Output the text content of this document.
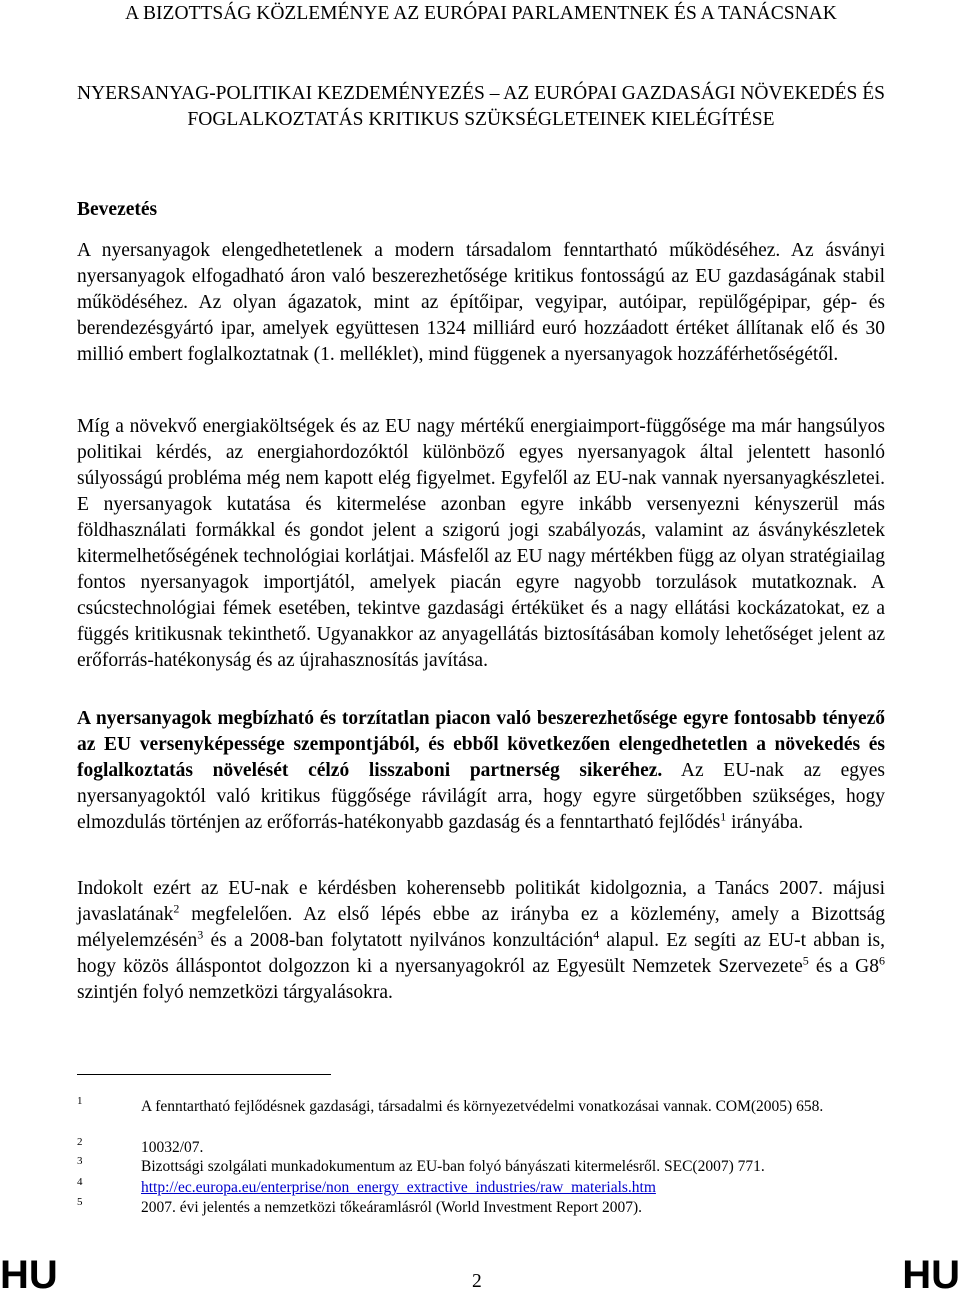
A BIZOTTSÁG KÖZLEMÉNYE AZ EURÓPAI PARLAMENTNEK ÉS A TANÁCSNAK
NYERSANYAG-POLITIKAI KEZDEMÉNYEZÉS – AZ EURÓPAI GAZDASÁGI NÖVEKEDÉS ÉS FOGLALKOZTATÁS KRITIKUS SZÜKSÉGLETEINEK KIELÉGÍTÉSE
Bevezetés

A nyersanyagok elengedhetetlenek a modern társadalom fenntartható működéséhez. Az ásványi nyersanyagok elfogadható áron való beszerezhetősége kritikus fontosságú az EU gazdaságának stabil működéséhez. Az olyan ágazatok, mint az építőipar, vegyipar, autóipar, repülőgépipar, gép- és berendezésgyártó ipar, amelyek együttesen 1324 milliárd euró hozzáadott értéket állítanak elő és 30 millió embert foglalkoztatnak (1. melléklet), mind függenek a nyersanyagok hozzáférhetőségétől.

Míg a növekvő energiaköltségek és az EU nagy mértékű energiaimport-függősége ma már hangsúlyos politikai kérdés, az energiahordozóktól különböző egyes nyersanyagok által jelentett hasonló súlyosságú probléma még nem kapott elég figyelmet. Egyfelől az EU-nak vannak nyersanyagkészletei. E nyersanyagok kutatása és kitermelése azonban egyre inkább versenyezni kényszerül más földhasználati formákkal és gondot jelent a szigorú jogi szabályozás, valamint az ásványkészletek kitermelhetőségének technológiai korlátjai. Másfelől az EU nagy mértékben függ az olyan stratégiailag fontos nyersanyagok importjától, amelyek piacán egyre nagyobb torzulások mutatkoznak. A csúcstechnológiai fémek esetében, tekintve gazdasági értéküket és a nagy ellátási kockázatokat, ez a függés kritikusnak tekinthető. Ugyanakkor az anyagellátás biztosításában komoly lehetőséget jelent az erőforrás-hatékonyság és az újrahasznosítás javítása.

A nyersanyagok megbízható és torzítatlan piacon való beszerezhetősége egyre fontosabb tényező az EU versenyképessége szempontjából, és ebből következően elengedhetetlen a növekedés és foglalkoztatás növelését célzó lisszaboni partnerség sikeréhez. Az EU-nak az egyes nyersanyagoktól való kritikus függősége rávilágít arra, hogy egyre sürgetőbben szükséges, hogy elmozdulás történjen az erőforrás-hatékonyabb gazdaság és a fenntartható fejlődés$^1$ irányába.

Indokolt ezért az EU-nak e kérdésben koherensebb politikát kidolgoznia, a Tanács 2007. májusi javaslatának$^2$ megfelelően. Az első lépés ebbe az irányba ez a közlemény, amely a Bizottság mélyelemzésén$^3$ és a 2008-ban folytatott nyilvános konzultáción$^4$ alapul. Ez segíti az EU-t abban is, hogy közös álláspontot dolgozzon ki a nyersanyagokról az Egyesült Nemzetek Szervezete$^5$ és a $G8^6$ szintjén folyó nemzetközi tárgyalásokra.

1	A fenntartható fejlődésnek gazdasági, társadalmi és környezetvédelmi vonatkozásai vannak. COM(2005) 658.
2	10032/07.
3	Bizottsági szolgálati munkadokumentum az EU-ban folyó bányászati kitermelésről. SEC(2007) 771.
4	http://ec.europa.eu/enterprise/non_energy_extractive_industries/raw_materials.htm
5	2007. évi jelentés a nemzetközi tőkeáramlásról (World Investment Report 2007).
HU	2	HU
